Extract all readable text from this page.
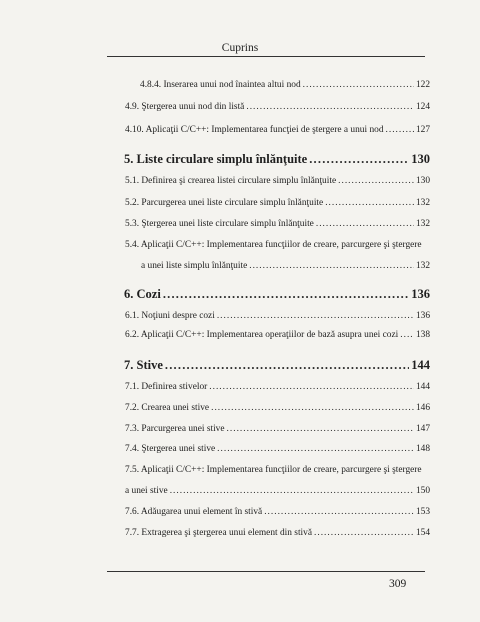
Cuprins
4.8.4. Inserarea unui nod înaintea altui nod .....	122
4.9. Ştergerea unui nod din listă .....	124
4.10. Aplicaţii C/C++: Implementarea funcţiei de ştergere a unui nod .....	127
5. Liste circulare simplu înlănţuite .....	130
5.1. Definirea şi crearea listei circulare simplu înlănţuite .....	130
5.2. Parcurgerea unei liste circulare simplu înlănţuite .....	132
5.3. Ştergerea unei liste circulare simplu înlănţuite .....	132
5.4. Aplicaţii C/C++: Implementarea funcţiilor de creare, parcurgere şi ştergere
a unei liste simplu înlănţuite .....	132
6. Cozi .....	136
6.1. Noţiuni despre cozi .....	136
6.2. Aplicaţii C/C++: Implementarea operaţiilor de bază asupra unei cozi ..... 138
7. Stive .....	144
7.1. Definirea stivelor .....	144
7.2. Crearea unei stive .....	146
7.3. Parcurgerea unei stive .....	147
7.4. Ştergerea unei stive .....	148
7.5. Aplicaţii C/C++: Implementarea funcţiilor de creare, parcurgere şi ştergere
a unei stive .....	150
7.6. Adăugarea unui element în stivă .....	153
7.7. Extragerea şi ştergerea unui element din stivă .....	154
309
